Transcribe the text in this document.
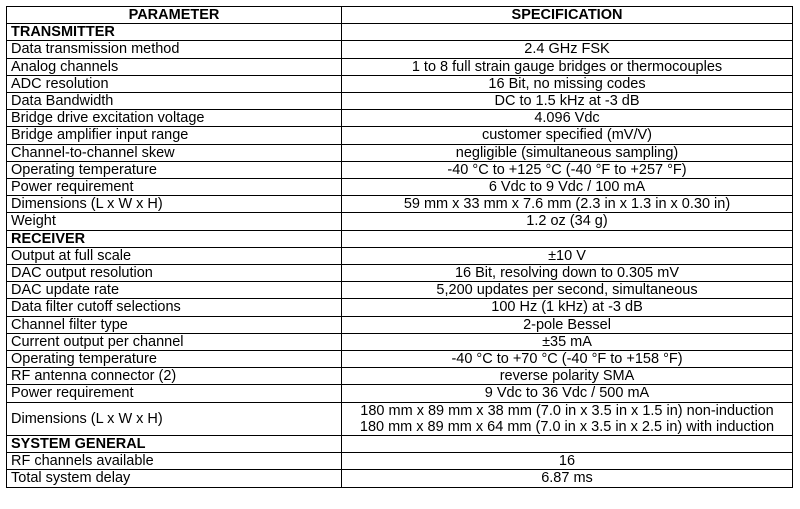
PARAMETER	SPECIFICATION
TRANSMITTER	
Data transmission method	2.4 GHz FSK

Analog channels	1 to 8 full strain gauge bridges or thermocouples

ADC resolution	16 Bit, no missing codes

Data Bandwidth	DC to 1.5 kHz at -3 dB

Bridge drive excitation voltage	4.096 Vdc

Bridge amplifier input range	customer specified (mV/V)

Channel-to-channel skew	negligible (simultaneous sampling)

Operating temperature	-40 °C to +125 °C (-40 °F to +257 °F)

Power requirement	6 Vdc to 9 Vdc / 100 mA

Dimensions (L x W x H)	59 mm x 33 mm x 7.6 mm (2.3 in x 1.3 in x 0.30 in)

Weight	1.2 oz (34 g)

RECEIVER	
Output at full scale	±10 V

DAC output resolution	16 Bit, resolving down to 0.305 mV

DAC update rate	5,200 updates per second, simultaneous

Data filter cutoff selections	100 Hz (1 kHz) at -3 dB

Channel filter type	2-pole Bessel

Current output per channel	±35 mA

Operating temperature	-40 °C to +70 °C (-40 °F to +158 °F)

RF antenna connector (2)	reverse polarity SMA

Power requirement	9 Vdc to 36 Vdc / 500 mA

Dimensions (L x W x H)	180 mm x 89 mm x 38 mm (7.0 in x 3.5 in x 1.5 in) non-induction
180 mm x 89 mm x 64 mm (7.0 in x 3.5 in x 2.5 in) with induction

SYSTEM GENERAL	
RF channels available	16

Total system delay	6.87 ms
